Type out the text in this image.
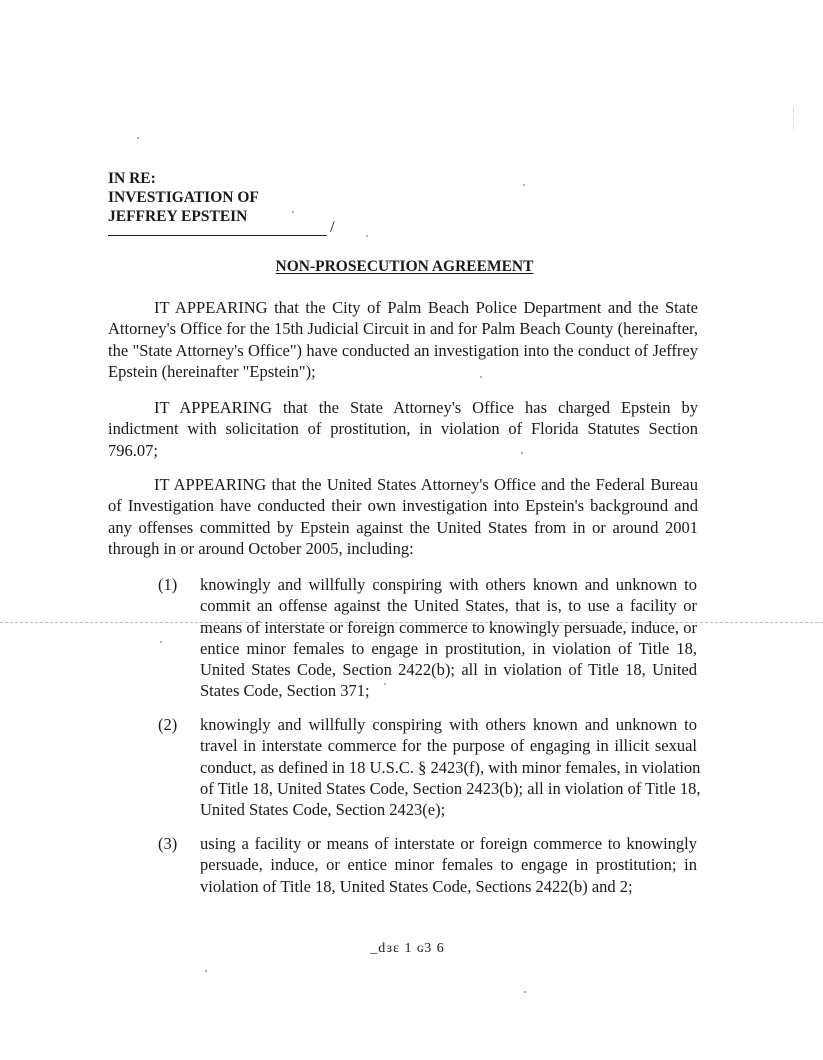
IN RE:
INVESTIGATION OF
JEFFREY EPSTEIN
/
NON-PROSECUTION AGREEMENT
IT APPEARING that the City of Palm Beach Police Department and the State
Attorney's Office for the 15th Judicial Circuit in and for Palm Beach County (hereinafter,
the "State Attorney's Office") have conducted an investigation into the conduct of Jeffrey
Epstein (hereinafter "Epstein");
IT APPEARING that the State Attorney's Office has charged Epstein by
indictment with solicitation of prostitution, in violation of Florida Statutes Section
796.07;
IT APPEARING that the United States Attorney's Office and the Federal Bureau
of Investigation have conducted their own investigation into Epstein's background and
any offenses committed by Epstein against the United States from in or around 2001
through in or around October 2005, including:
(1) knowingly and willfully conspiring with others known and unknown to
commit an offense against the United States, that is, to use a facility or
means of interstate or foreign commerce to knowingly persuade, induce, or
entice minor females to engage in prostitution, in violation of Title 18,
United States Code, Section 2422(b); all in violation of Title 18, United
States Code, Section 371;
(2) knowingly and willfully conspiring with others known and unknown to
travel in interstate commerce for the purpose of engaging in illicit sexual
conduct, as defined in 18 U.S.C. § 2423(f), with minor females, in violation
of Title 18, United States Code, Section 2423(b); all in violation of Title 18,
United States Code, Section 2423(e);
(3) using a facility or means of interstate or foreign commerce to knowingly
persuade, induce, or entice minor females to engage in prostitution; in
violation of Title 18, United States Code, Sections 2422(b) and 2;
_dɜɛ 1 ɢ3 6
